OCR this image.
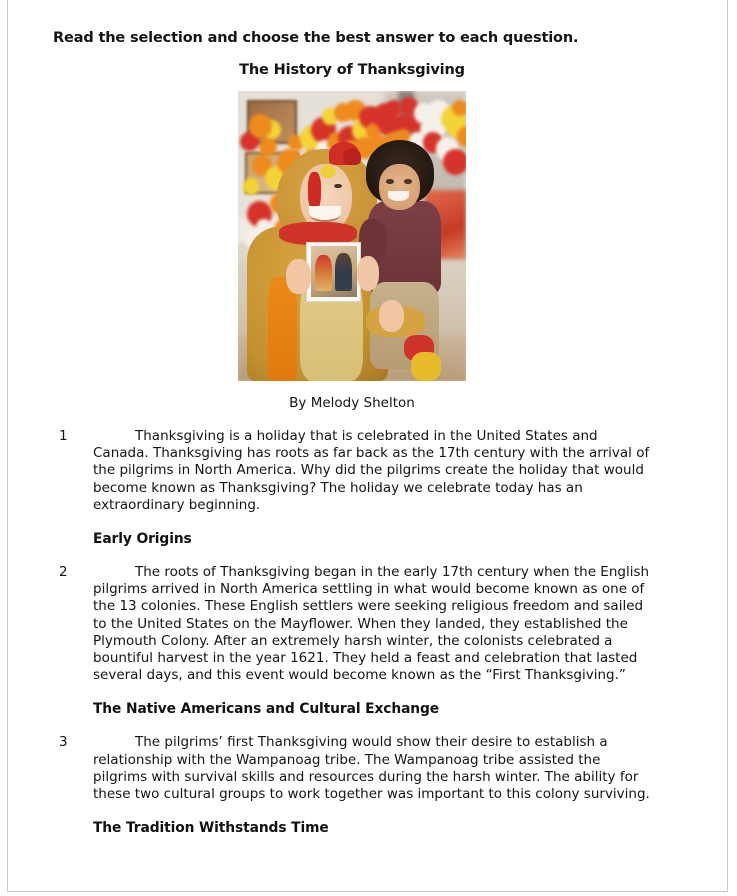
Read the selection and choose the best answer to each question.
The History of Thanksgiving
By Melody Shelton
1	Thanksgiving is a holiday that is celebrated in the United States and Canada. Thanksgiving has roots as far back as the 17th century with the arrival of the pilgrims in North America. Why did the pilgrims create the holiday that would become known as Thanksgiving? The holiday we celebrate today has an extraordinary beginning.
Early Origins
2	The roots of Thanksgiving began in the early 17th century when the English pilgrims arrived in North America settling in what would become known as one of the 13 colonies. These English settlers were seeking religious freedom and sailed to the United States on the Mayflower. When they landed, they established the Plymouth Colony. After an extremely harsh winter, the colonists celebrated a bountiful harvest in the year 1621. They held a feast and celebration that lasted several days, and this event would become known as the “First Thanksgiving.”
The Native Americans and Cultural Exchange
3	The pilgrims’ first Thanksgiving would show their desire to establish a relationship with the Wampanoag tribe. The Wampanoag tribe assisted the pilgrims with survival skills and resources during the harsh winter. The ability for these two cultural groups to work together was important to this colony surviving.
The Tradition Withstands Time
